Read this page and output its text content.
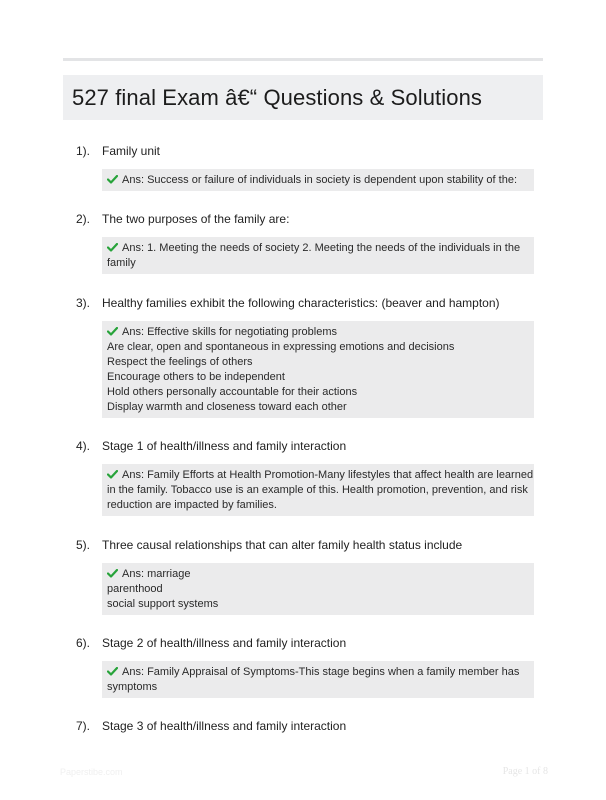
527 final Exam â€“ Questions & Solutions
1). Family unit
Ans: Success or failure of individuals in society is dependent upon stability of the:
2). The two purposes of the family are:
Ans: 1. Meeting the needs of society 2. Meeting the needs of the individuals in the
family
3). Healthy families exhibit the following characteristics: (beaver and hampton)
Ans: Effective skills for negotiating problems
Are clear, open and spontaneous in expressing emotions and decisions
Respect the feelings of others
Encourage others to be independent
Hold others personally accountable for their actions
Display warmth and closeness toward each other
4). Stage 1 of health/illness and family interaction
Ans: Family Efforts at Health Promotion-Many lifestyles that affect health are learned
in the family. Tobacco use is an example of this. Health promotion, prevention, and risk
reduction are impacted by families.
5). Three causal relationships that can alter family health status include
Ans: marriage
parenthood
social support systems
6). Stage 2 of health/illness and family interaction
Ans: Family Appraisal of Symptoms-This stage begins when a family member has
symptoms
7). Stage 3 of health/illness and family interaction
Paperstibe.com	Page 1 of 8
